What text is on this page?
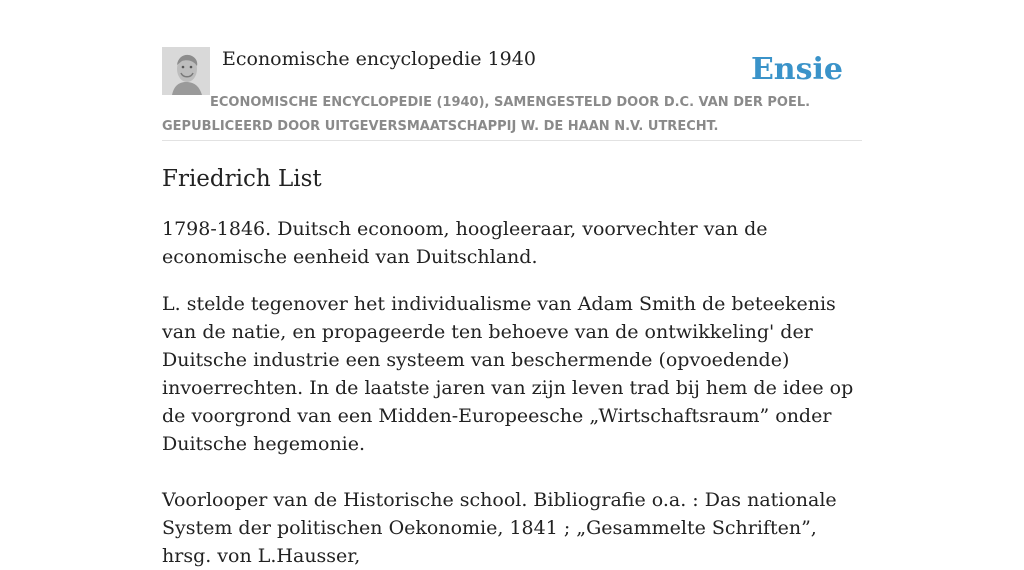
Economische encyclopedie 1940	Ensie
ECONOMISCHE ENCYCLOPEDIE (1940), SAMENGESTELD DOOR D.C. VAN DER POEL.
GEPUBLICEERD DOOR UITGEVERSMAATSCHAPPIJ W. DE HAAN N.V. UTRECHT.
Friedrich List

1798-1846. Duitsch econoom, hoogleeraar, voorvechter van de economische eenheid van Duitschland.

L. stelde tegenover het individualisme van Adam Smith de beteekenis van de natie, en propageerde ten behoeve van de ontwikkeling' der Duitsche industrie een systeem van beschermende (opvoedende) invoerrechten. In de laatste jaren van zijn leven trad bij hem de idee op de voorgrond van een Midden-Europeesche „Wirtschaftsraum” onder Duitsche hegemonie.

Voorlooper van de Historische school. Bibliografie o.a. : Das nationale System der politischen Oekonomie, 1841 ; „Gesammelte Schriften”, hrsg. von L.Hausser,
